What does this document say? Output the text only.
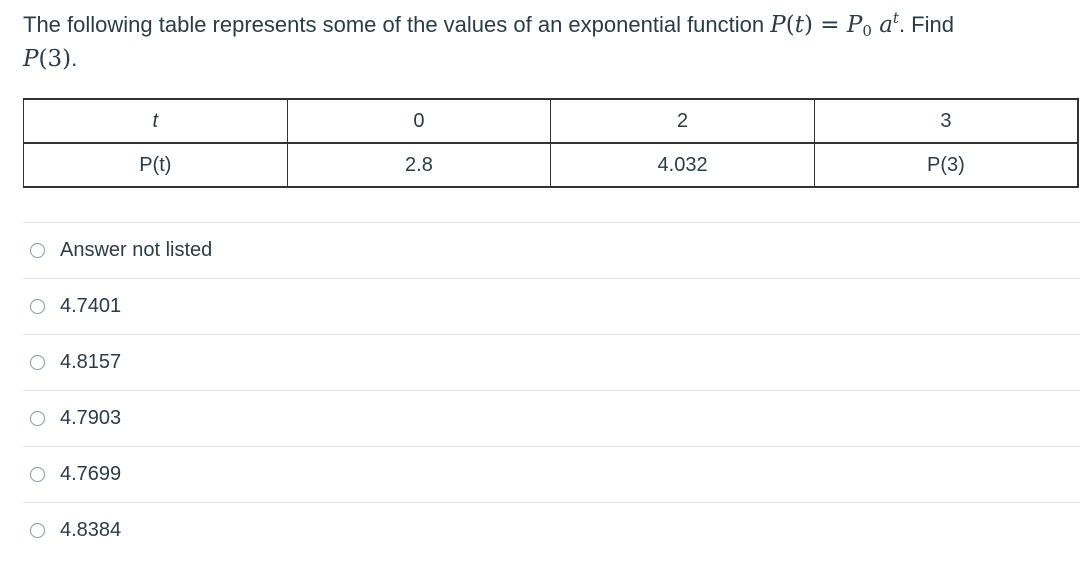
The following table represents some of the values of an exponential function $P(t) = P_0$ $a^t$. Find
P(3).
t	0	2	3
P(t)	2.8	4.032	P(3)
Answer not listed
4.7401
4.8157
4.7903
4.7699
4.8384
